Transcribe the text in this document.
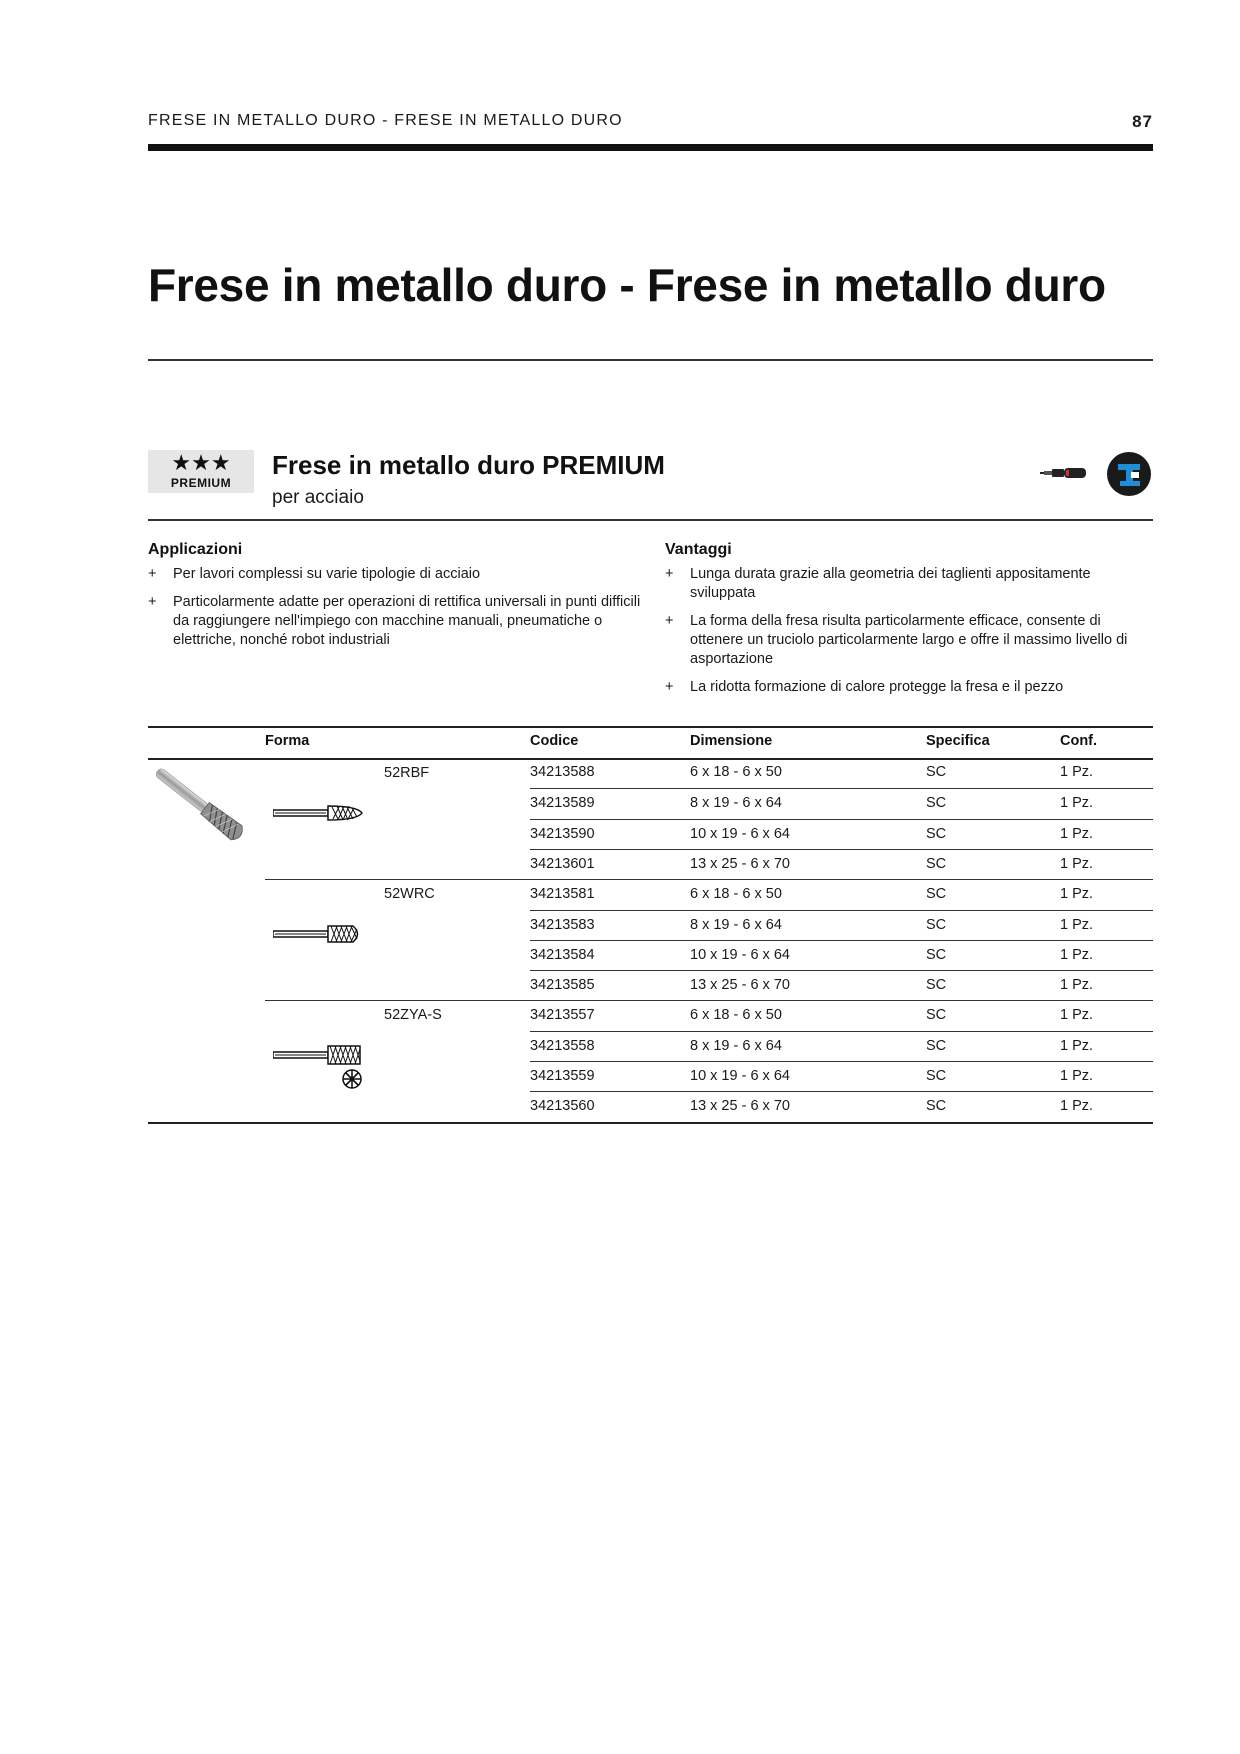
FRESE IN METALLO DURO - FRESE IN METALLO DURO	87
Frese in metallo duro - Frese in metallo duro
★★★
PREMIUM
Frese in metallo duro PREMIUM
per acciaio
Applicazioni
+ Per lavori complessi su varie tipologie di acciaio
+ Particolarmente adatte per operazioni di rettifica universali in punti difficili da raggiungere nell'impiego con macchine manuali, pneumatiche o elettriche, nonché robot industriali
Vantaggi
+ Lunga durata grazie alla geometria dei taglienti appositamente sviluppata
+ La forma della fresa risulta particolarmente efficace, consente di ottenere un truciolo particolarmente largo e offre il massimo livello di asportazione
+ La ridotta formazione di calore protegge la fresa e il pezzo
Forma	Codice	Dimensione	Specifica	Conf.
52RBF	34213588	6 x 18 - 6 x 50	SC	1 Pz.
34213589	8 x 19 - 6 x 64	SC	1 Pz.
34213590	10 x 19 - 6 x 64	SC	1 Pz.
34213601	13 x 25 - 6 x 70	SC	1 Pz.
52WRC	34213581	6 x 18 - 6 x 50	SC	1 Pz.
34213583	8 x 19 - 6 x 64	SC	1 Pz.
34213584	10 x 19 - 6 x 64	SC	1 Pz.
34213585	13 x 25 - 6 x 70	SC	1 Pz.
52ZYA-S	34213557	6 x 18 - 6 x 50	SC	1 Pz.
34213558	8 x 19 - 6 x 64	SC	1 Pz.
34213559	10 x 19 - 6 x 64	SC	1 Pz.
34213560	13 x 25 - 6 x 70	SC	1 Pz.
